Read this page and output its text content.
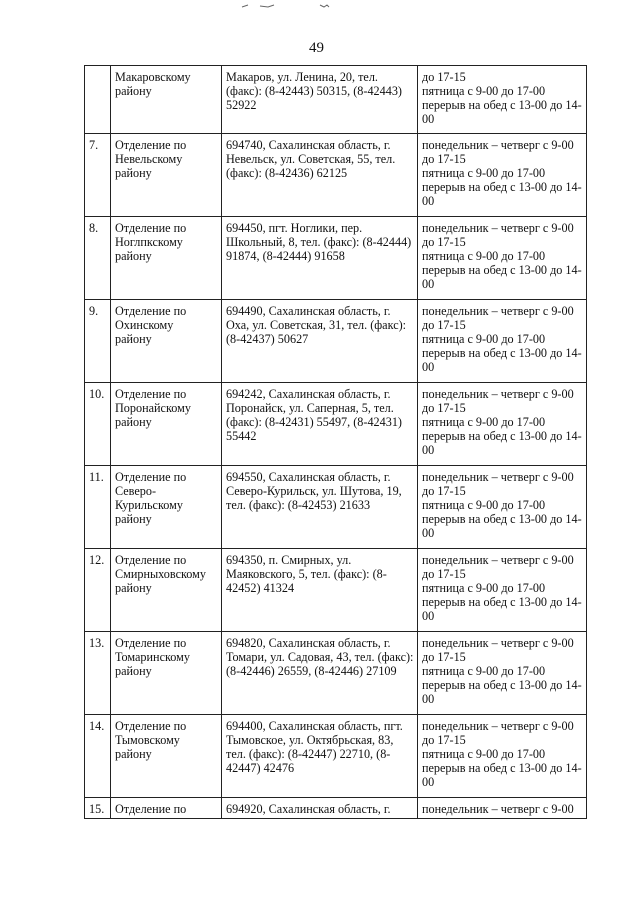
49
	Макаровскому
району	Макаров, ул. Ленина, 20, тел. (факс): (8-42443) 50315, (8-42443) 52922	до 17-15
пятница с 9-00 до 17-00
перерыв на обед с 13-00 до 14-00
7.	Отделение по
Невельскому
району	694740, Сахалинская область, г. Невельск, ул. Советская, 55, тел. (факс): (8-42436) 62125	понедельник – четверг с 9-00 до 17-15
пятница с 9-00 до 17-00
перерыв на обед с 13-00 до 14-00
8.	Отделение по
Ноглпкскому
району	694450, пгт. Ноглики, пер. Школьный, 8, тел. (факс): (8-42444) 91874, (8-42444) 91658	понедельник – четверг с 9-00 до 17-15
пятница с 9-00 до 17-00
перерыв на обед с 13-00 до 14-00
9.	Отделение по
Охинскому
району	694490, Сахалинская область, г. Оха, ул. Советская, 31, тел. (факс): (8-42437) 50627	понедельник – четверг с 9-00 до 17-15
пятница с 9-00 до 17-00
перерыв на обед с 13-00 до 14-00
10.	Отделение по
Поронайскому
району	694242, Сахалинская область, г. Поронайск, ул. Саперная, 5, тел. (факс): (8-42431) 55497, (8-42431) 55442	понедельник – четверг с 9-00 до 17-15
пятница с 9-00 до 17-00
перерыв на обед с 13-00 до 14-00
11.	Отделение по
Северо-
Курильскому
району	694550, Сахалинская область, г. Северо-Курильск, ул. Шутова, 19, тел. (факс): (8-42453) 21633	понедельник – четверг с 9-00 до 17-15
пятница с 9-00 до 17-00
перерыв на обед с 13-00 до 14-00
12.	Отделение по
Смирныховскому
району	694350, п. Смирных, ул. Маяковского, 5, тел. (факс): (8-42452) 41324	понедельник – четверг с 9-00 до 17-15
пятница с 9-00 до 17-00
перерыв на обед с 13-00 до 14-00
13.	Отделение по
Томаринскому
району	694820, Сахалинская область, г. Томари, ул. Садовая, 43, тел. (факс): (8-42446) 26559, (8-42446) 27109	понедельник – четверг с 9-00 до 17-15
пятница с 9-00 до 17-00
перерыв на обед с 13-00 до 14-00
14.	Отделение по
Тымовскому
району	694400, Сахалинская область, пгт. Тымовское, ул. Октябрьская, 83, тел. (факс): (8-42447) 22710, (8-42447) 42476	понедельник – четверг с 9-00 до 17-15
пятница с 9-00 до 17-00
перерыв на обед с 13-00 до 14-00
15.	Отделение по	694920, Сахалинская область, г.	понедельник – четверг с 9-00
